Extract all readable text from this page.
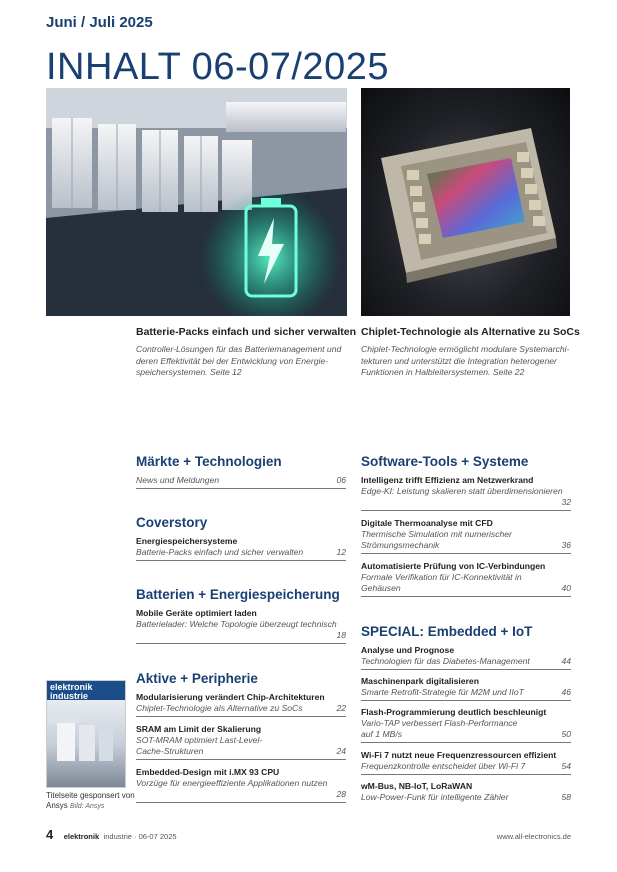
Juni / Juli 2025
INHALT 06-07/2025
Batterie-Packs einfach und sicher verwalten
Controller-Lösungen für das Batteriemanagement und deren Effektivität bei der Entwicklung von Energie-speichersystemen. Seite 12
Chiplet-Technologie als Alternative zu SoCs
Chiplet-Technologie ermöglicht modulare Systemarchi-tekturen und unterstützt die Integration heterogener Funktionen in Halbleitersystemen. Seite 22
Märkte + Technologien
News und Meldungen	06
Coverstory
Energiespeichersysteme
Batterie-Packs einfach und sicher verwalten	12
Batterien + Energiespeicherung
Mobile Geräte optimiert laden
Batterielader: Welche Topologie überzeugt technisch
18
Aktive + Peripherie
Modularisierung verändert Chip-Architekturen
Chiplet-Technologie als Alternative zu SoCs	22
SRAM am Limit der Skalierung
SOT-MRAM optimiert Last-Level-Cache-Strukturen	24
Embedded-Design mit i.MX 93 CPU
Vorzüge für energieeffiziente Applikationen nutzen
28
Software-Tools + Systeme
Intelligenz trifft Effizienz am Netzwerkrand
Edge-KI: Leistung skalieren statt überdimensionieren
32
Digitale Thermoanalyse mit CFD
Thermische Simulation mit numerischer Strömungsmechanik	36
Automatisierte Prüfung von IC-Verbindungen
Formale Verifikation für IC-Konnektivität in Gehäusen	40
SPECIAL: Embedded + IoT
Analyse und Prognose
Technologien für das Diabetes-Management	44
Maschinenpark digitalisieren
Smarte Retrofit-Strategie für M2M und IIoT	46
Flash-Programmierung deutlich beschleunigt
Vario-TAP verbessert Flash-Performance auf 1 MB/s	50
Wi-Fi 7 nutzt neue Frequenzressourcen effizient
Frequenzkontrolle entscheidet über Wi-Fi 7	54
wM-Bus, NB-IoT, LoRaWAN
Low-Power-Funk für intelligente Zähler	58
elektronik
industrie
Titelseite gesponsert von Ansys Bild: Ansys
4 elektronik industrie · 06-07 2025	www.all-electronics.de
